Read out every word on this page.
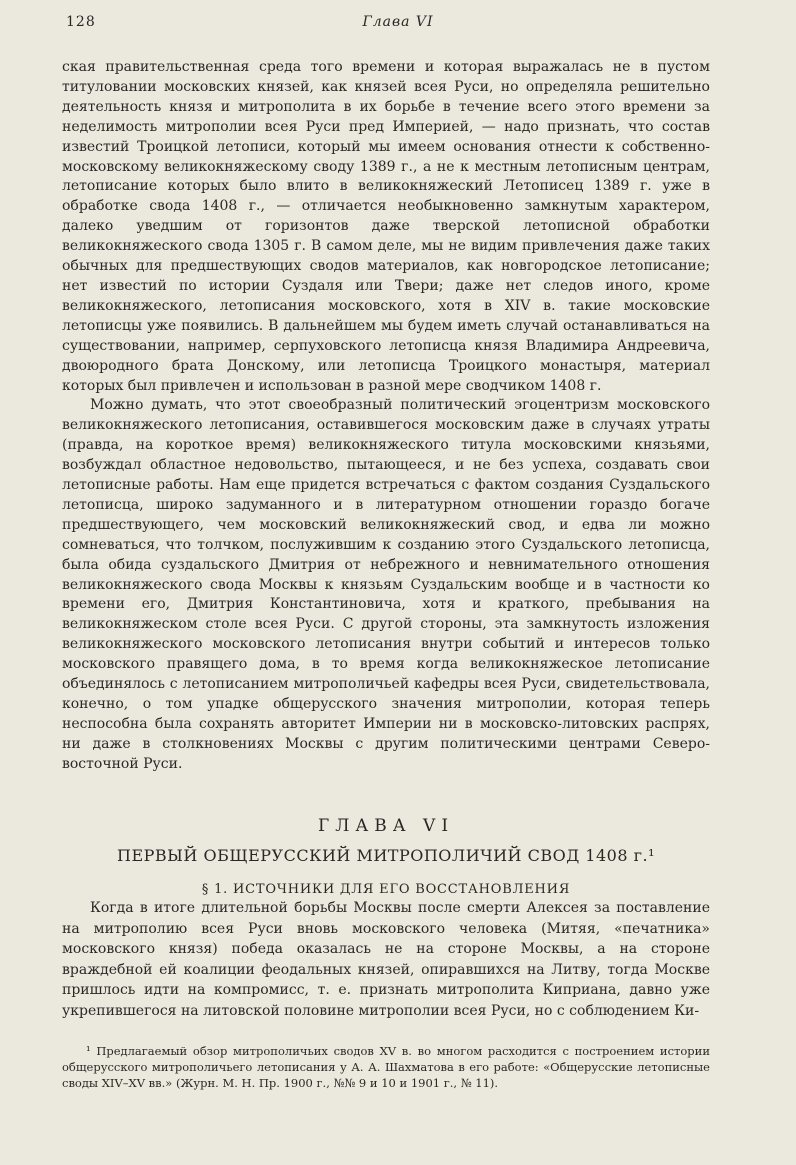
128	Глава VI

ская правительственная среда того времени и которая выражалась не в пустом титуловании московских князей, как князей всея Руси, но определяла решительно деятельность князя и митрополита в их борьбе в течение всего этого времени за неделимость митрополии всея Руси пред Империей, — надо признать, что состав известий Троицкой летописи, который мы имеем основания отнести к собственно-московскому великокняжескому своду 1389 г., а не к местным летописным центрам, летописание которых было влито в великокняжеский Летописец 1389 г. уже в обработке свода 1408 г., — отличается необыкновенно замкнутым характером, далеко уведшим от горизонтов даже тверской летописной обработки великокняжеского свода 1305 г. В самом деле, мы не видим привлечения даже таких обычных для предшествующих сводов материалов, как новгородское летописание; нет известий по истории Суздаля или Твери; даже нет следов иного, кроме великокняжеского, летописания московского, хотя в XIV в. такие московские летописцы уже появились. В дальнейшем мы будем иметь случай останавливаться на существовании, например, серпуховского летописца князя Владимира Андреевича, двоюродного брата Донскому, или летописца Троицкого монастыря, материал которых был привлечен и использован в разной мере сводчиком 1408 г.

Можно думать, что этот своеобразный политический эгоцентризм московского великокняжеского летописания, оставившегося московским даже в случаях утраты (правда, на короткое время) великокняжеского титула московскими князьями, возбуждал областное недовольство, пытающееся, и не без успеха, создавать свои летописные работы. Нам еще придется встречаться с фактом создания Суздальского летописца, широко задуманного и в литературном отношении гораздо богаче предшествующего, чем московский великокняжеский свод, и едва ли можно сомневаться, что толчком, послужившим к созданию этого Суздальского летописца, была обида суздальского Дмитрия от небрежного и невнимательного отношения великокняжеского свода Москвы к князьям Суздальским вообще и в частности ко времени его, Дмитрия Константиновича, хотя и краткого, пребывания на великокняжеском столе всея Руси. С другой стороны, эта замкнутость изложения великокняжеского московского летописания внутри событий и интересов только московского правящего дома, в то время когда великокняжеское летописание объединялось с летописанием митрополичьей кафедры всея Руси, свидетельствовала, конечно, о том упадке общерусского значения митрополии, которая теперь неспособна была сохранять авторитет Империи ни в московско-литовских распрях, ни даже в столкновениях Москвы с другим политическими центрами Северо-восточной Руси.

ГЛАВА VI

ПЕРВЫЙ ОБЩЕРУССКИЙ МИТРОПОЛИЧИЙ СВОД 1408 г.¹

§ 1. ИСТОЧНИКИ ДЛЯ ЕГО ВОССТАНОВЛЕНИЯ

Когда в итоге длительной борьбы Москвы после смерти Алексея за поставление на митрополию всея Руси вновь московского человека (Митяя, «печатника» московского князя) победа оказалась не на стороне Москвы, а на стороне враждебной ей коалиции феодальных князей, опиравшихся на Литву, тогда Москве пришлось идти на компромисс, т. е. признать митрополита Киприана, давно уже укрепившегося на литовской половине митрополии всея Руси, но с соблюдением Ки-

¹ Предлагаемый обзор митрополичьих сводов XV в. во многом расходится с построением истории общерусского митрополичьего летописания у А. А. Шахматова в его работе: «Общерусские летописные своды XIV–XV вв.» (Журн. М. Н. Пр. 1900 г., №№ 9 и 10 и 1901 г., № 11).
